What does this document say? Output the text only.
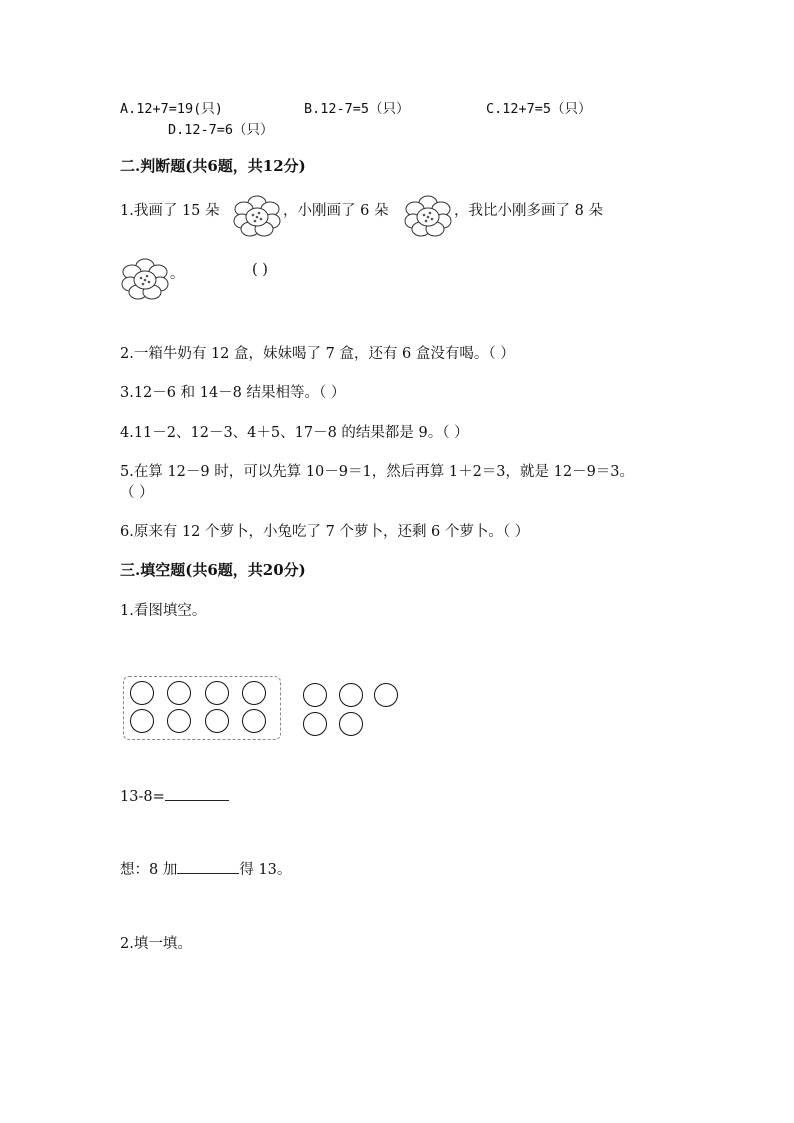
A.12+7=19(只)	B.12-7=5（只）	C.12+7=5（只）
D.12-7=6（只）
二.判断题(共6题，共12分)
1.我画了 15 朵	，小刚画了 6 朵	，我比小刚多画了 8 朵
。	( )
2.一箱牛奶有 12 盒，妹妹喝了 7 盒，还有 6 盒没有喝。（ ）
3.12－6 和 14－8 结果相等。（ ）
4.11－2、12－3、4＋5、17－8 的结果都是 9。（ ）
5.在算 12－9 时，可以先算 10－9＝1，然后再算 1＋2＝3，就是 12－9＝3。
（ ）
6.原来有 12 个萝卜，小兔吃了 7 个萝卜，还剩 6 个萝卜。（ ）
三.填空题(共6题，共20分)
1.看图填空。
13-8=
想：8 加	得 13。
2.填一填。
